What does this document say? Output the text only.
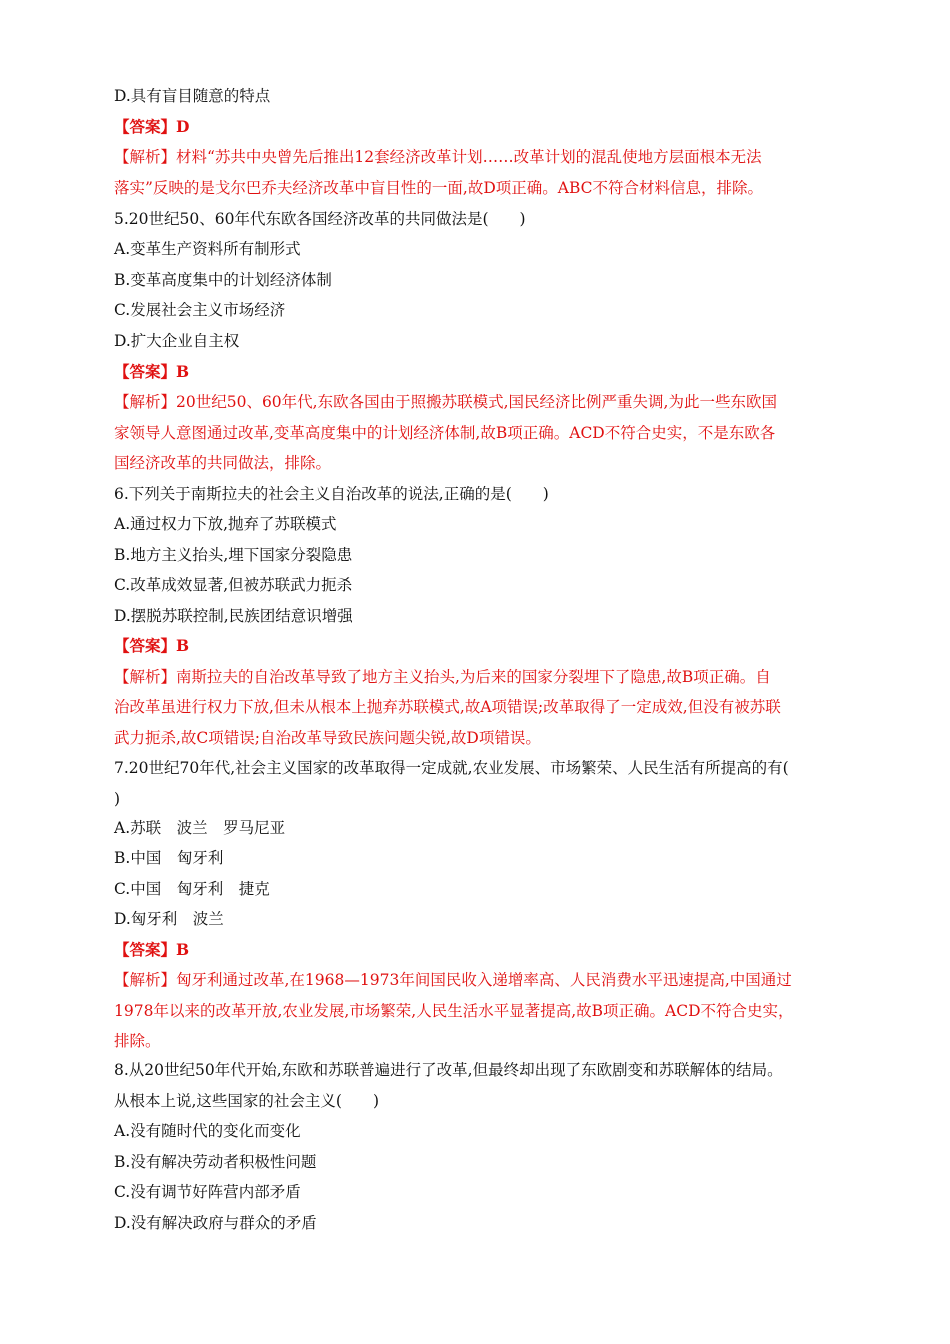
D.具有盲目随意的特点
【答案】D
【解析】材料“苏共中央曾先后推出12套经济改革计划……改革计划的混乱使地方层面根本无法
落实”反映的是戈尔巴乔夫经济改革中盲目性的一面,故D项正确。ABC不符合材料信息，排除。
5.20世纪50、60年代东欧各国经济改革的共同做法是(　　)
A.变革生产资料所有制形式
B.变革高度集中的计划经济体制
C.发展社会主义市场经济
D.扩大企业自主权
【答案】B
【解析】20世纪50、60年代,东欧各国由于照搬苏联模式,国民经济比例严重失调,为此一些东欧国
家领导人意图通过改革,变革高度集中的计划经济体制,故B项正确。ACD不符合史实，不是东欧各
国经济改革的共同做法，排除。
6.下列关于南斯拉夫的社会主义自治改革的说法,正确的是(　　)
A.通过权力下放,抛弃了苏联模式
B.地方主义抬头,埋下国家分裂隐患
C.改革成效显著,但被苏联武力扼杀
D.摆脱苏联控制,民族团结意识增强
【答案】B
【解析】南斯拉夫的自治改革导致了地方主义抬头,为后来的国家分裂埋下了隐患,故B项正确。自
治改革虽进行权力下放,但未从根本上抛弃苏联模式,故A项错误;改革取得了一定成效,但没有被苏联
武力扼杀,故C项错误;自治改革导致民族问题尖锐,故D项错误。
7.20世纪70年代,社会主义国家的改革取得一定成就,农业发展、市场繁荣、人民生活有所提高的有(
)
A.苏联　波兰　罗马尼亚
B.中国　匈牙利
C.中国　匈牙利　捷克
D.匈牙利　波兰
【答案】B
【解析】匈牙利通过改革,在1968—1973年间国民收入递增率高、人民消费水平迅速提高,中国通过
1978年以来的改革开放,农业发展,市场繁荣,人民生活水平显著提高,故B项正确。ACD不符合史实，
排除。
8.从20世纪50年代开始,东欧和苏联普遍进行了改革,但最终却出现了东欧剧变和苏联解体的结局。
从根本上说,这些国家的社会主义(　　)
A.没有随时代的变化而变化
B.没有解决劳动者积极性问题
C.没有调节好阵营内部矛盾
D.没有解决政府与群众的矛盾
